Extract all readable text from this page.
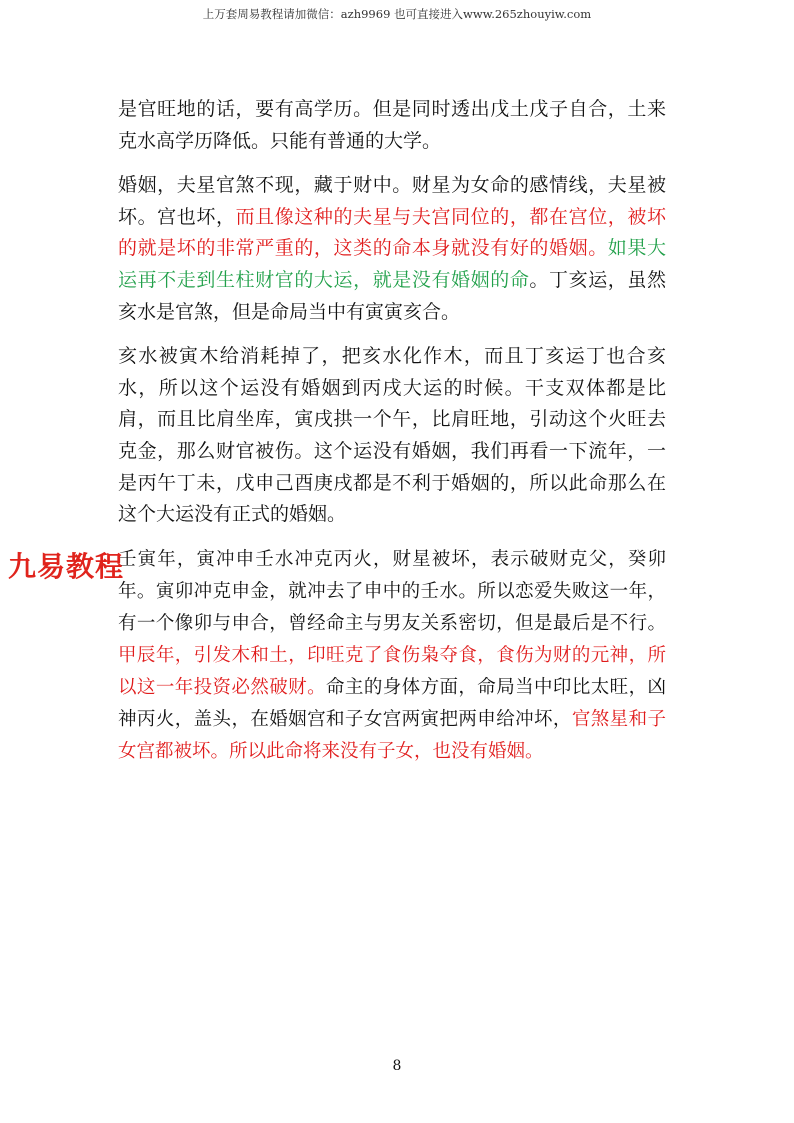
上万套周易教程请加微信：azh9969 也可直接进入www.265zhouyiw.com

是官旺地的话，要有高学历。但是同时透出戊土戊子自合，土来克水高学历降低。只能有普通的大学。

婚姻，夫星官煞不现，藏于财中。财星为女命的感情线，夫星被坏。宫也坏，而且像这种的夫星与夫宫同位的，都在宫位，被坏的就是坏的非常严重的，这类的命本身就没有好的婚姻。如果大运再不走到生柱财官的大运，就是没有婚姻的命。丁亥运，虽然亥水是官煞，但是命局当中有寅寅亥合。

亥水被寅木给消耗掉了，把亥水化作木，而且丁亥运丁也合亥水，所以这个运没有婚姻到丙戌大运的时候。干支双体都是比肩，而且比肩坐库，寅戌拱一个午，比肩旺地，引动这个火旺去克金，那么财官被伤。这个运没有婚姻，我们再看一下流年，一是丙午丁未，戊申己酉庚戌都是不利于婚姻的，所以此命那么在这个大运没有正式的婚姻。

壬寅年，寅冲申壬水冲克丙火，财星被坏，表示破财克父，癸卯年。寅卯冲克申金，就冲去了申中的壬水。所以恋爱失败这一年，有一个像卯与申合，曾经命主与男友关系密切，但是最后是不行。甲辰年，引发木和土，印旺克了食伤枭夺食，食伤为财的元神，所以这一年投资必然破财。命主的身体方面，命局当中印比太旺，凶神丙火，盖头，在婚姻宫和子女宫两寅把两申给冲坏，官煞星和子女宫都被坏。所以此命将来没有子女，也没有婚姻。

九易教程
8
